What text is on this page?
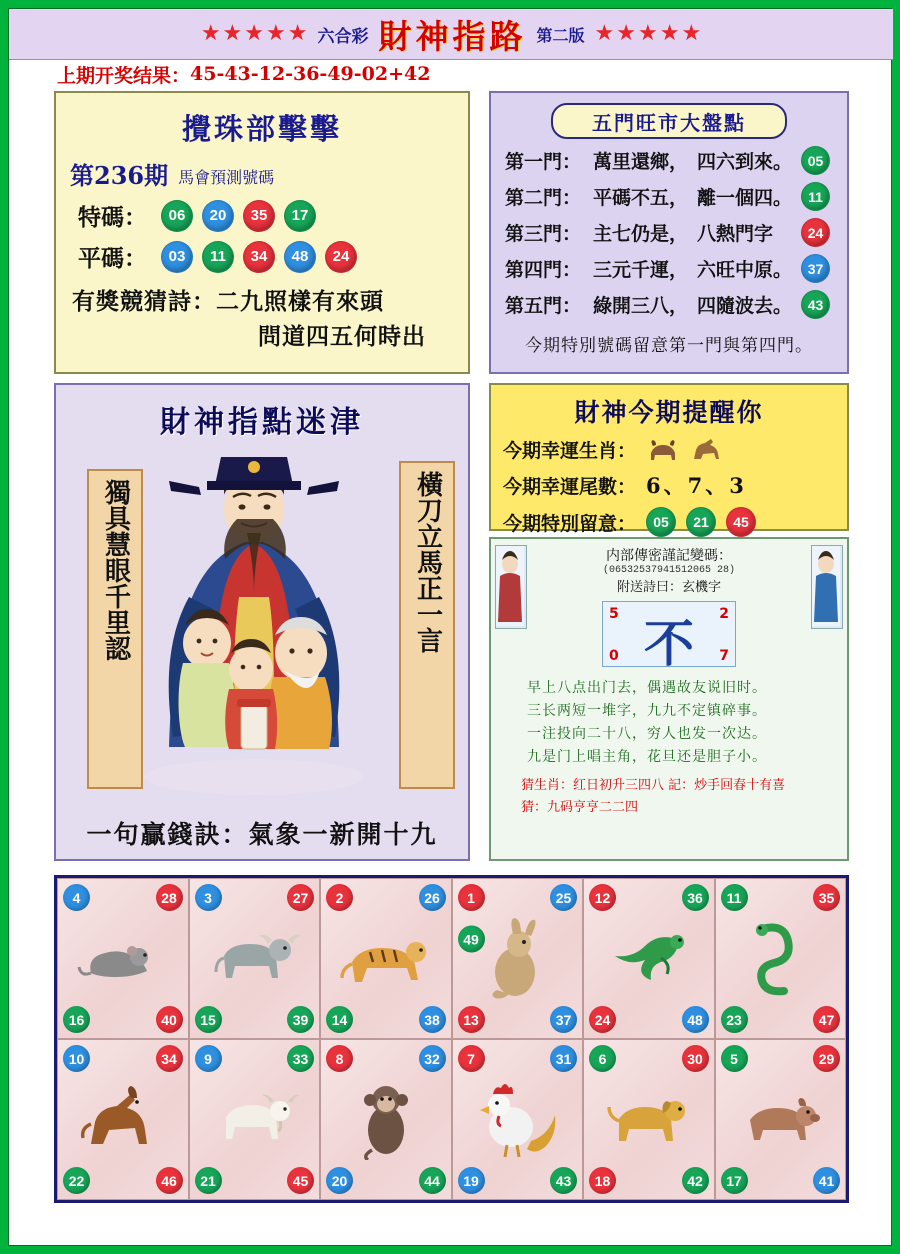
★ ★ ★ ★ ★ 六合彩 財神指路 第二版 ★ ★ ★ ★ ★
上期开奖结果： 45-43-12-36-49-02+42
攪珠部擊擊
第236期 馬會預測號碼
特碼：	06	20	35	17
平碼：	03	11	34	48	24
有獎競猜詩：二九照樣有來頭
問道四五何時出
五門旺市大盤點
第一門： 萬里還鄉， 四六到來。	05
第二門： 平碼不五， 離一個四。	11
第三門： 主七仍是， 八熱門字	24
第四門： 三元千運， 六旺中原。	37
第五門： 綠開三八， 四隨波去。	43
今期特別號碼留意第一門與第四門。
財神指點迷津
獨具慧眼千里認	橫刀立馬正一言
一句贏錢訣：氣象一新開十九
財神今期提醒你
今期幸運生肖：
今期幸運尾數： 6、7、3
今期特別留意：	05	21	45
内部傳密謹記變碼：
(06532537941512065 28)
附送詩曰：玄機字
5	2
0	7
不
早上八点出门去，偶遇故友说旧时。
三长两短一堆字，九九不定镇碎事。
一注投向二十八，穷人也发一次达。
九是门上唱主角，花旦还是胆子小。
猜生肖：红日初升三四八 記：炒手回春十有喜
猜：九码亨亨二二四
4	28
16	40
3	27
15	39
2	26
14	38
1	25
49
13	37
12	36
24	48
11	35
23	47
10	34
22	46
9	33
21	45
8	32
20	44
7	31
19	43
6	30
18	42
5	29
17	41
